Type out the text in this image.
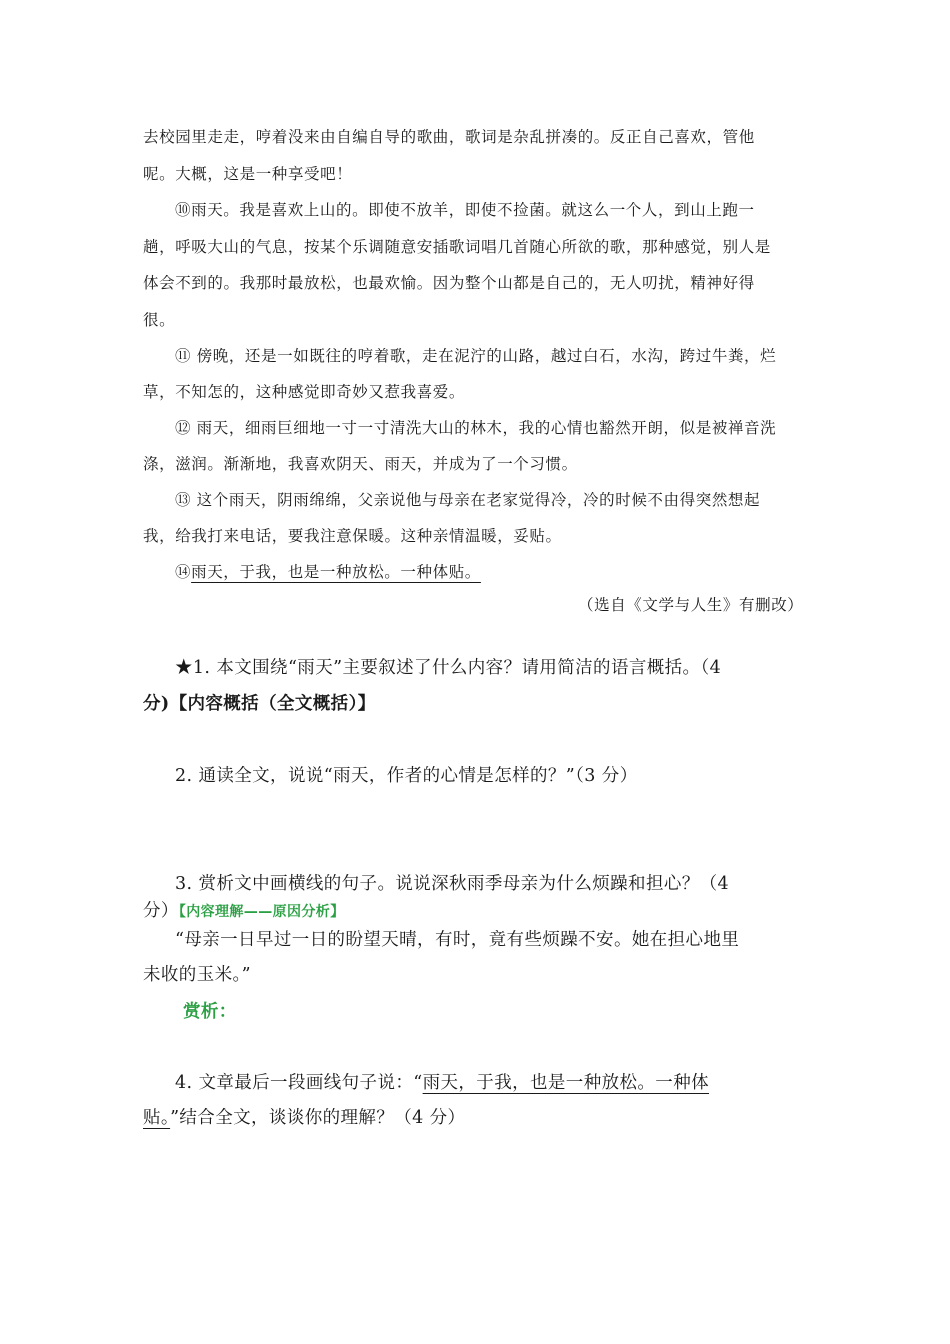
去校园里走走，哼着没来由自编自导的歌曲，歌词是杂乱拼凑的。反正自己喜欢，管他
呢。大概，这是一种享受吧！
⑩雨天。我是喜欢上山的。即使不放羊，即使不捡菌。就这么一个人，到山上跑一
趟，呼吸大山的气息，按某个乐调随意安插歌词唱几首随心所欲的歌，那种感觉，别人是
体会不到的。我那时最放松，也最欢愉。因为整个山都是自己的，无人叨扰，精神好得
很。
⑪ 傍晚，还是一如既往的哼着歌，走在泥泞的山路，越过白石，水沟，跨过牛粪，烂
草，不知怎的，这种感觉即奇妙又惹我喜爱。
⑫ 雨天，细雨巨细地一寸一寸清洗大山的林木，我的心情也豁然开朗，似是被禅音洗
涤，滋润。渐渐地，我喜欢阴天、雨天，并成为了一个习惯。
⑬ 这个雨天，阴雨绵绵，父亲说他与母亲在老家觉得冷，冷的时候不由得突然想起
我，给我打来电话，要我注意保暖。这种亲情温暖，妥贴。
⑭雨天，于我，也是一种放松。一种体贴。
（选自《文学与人生》有删改）
★1. 本文围绕“雨天”主要叙述了什么内容？请用简洁的语言概括。（4
分)【内容概括（全文概括）】
2. 通读全文，说说“雨天，作者的心情是怎样的？”（3 分）
3. 赏析文中画横线的句子。说说深秋雨季母亲为什么烦躁和担心？（4
分）【内容理解——原因分析】
“母亲一日早过一日的盼望天晴，有时，竟有些烦躁不安。她在担心地里
未收的玉米。”
赏析：
4. 文章最后一段画线句子说：“雨天，于我，也是一种放松。一种体
贴。”结合全文，谈谈你的理解？（4 分）
